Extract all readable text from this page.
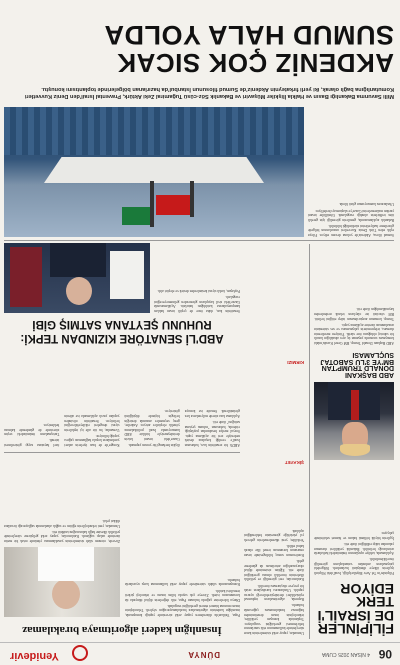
06
4 NİSAN 2025 CUMA
DÜNYA
Yenidevir
FİLİPİNLER DE İSRAİL'İ TERK EDİYOR

Filipinler'in Tel Aviv Büyükelçiliği, İsrail'deki Filipinli işçilerin ülkeye dönüşünü hızlandırdı. Bölgedeki çatışmaların ardından vatandaşların güvenliği önceliklendirildi.

Açıklamada, tahliye uçuşlarının önümüzdeki haftalarda artırılacağı belirtildi. Bakanlık yetkilileri durumun yakından takip edildiğini ifade etti.

İşçilerin büyük bölümü bakım ve hizmet sektöründe çalışıyor.

ABD BAŞKANI DONALD TRUMP'TAN BM'YE 3'LÜ SABOTAJ SUÇLAMASI

ABD Başkanı Donald Trump, BM Genel Kurulu'ndaki konuşması sırasında yaşanan üç ayrı aksaklığın kasıtlı bir sabotaj olduğunu öne sürdü. Yürüyen merdivenin durması, telepromterin çalışmaması ve ses sisteminin arızalanması üzerine açıklama yaptı.

Trump, konunun araştırılmasını talep ettiğini belirtti. BM sözcüsü ise olayların teknik nedenlerden kaynaklandığını ifade etti.

Uzmanlar, yapay zekâ sistemlerinin karar süreçlerinde kullanımının etik sınırlarının belirlenmesi gerektiğini vurguluyor. Toplantıda konuşan yetkililer, teknolojinin insan denetiminden bağımsız bırakılmaması çağrısında bulundu.

Raporda, algoritmaların toplumsal eşitsizlikleri derinleştirebileceği uyarısı yapıldı. Uluslararası kuruluşların ortak bir çerçeve oluşturması önerildi.

Katılımcılar, veri güvenliği ve şeffaflık ilkelerinin öncelikli olması gerektiğini ifade etti. Eğitim sisteminde dijital okuryazarlığın artırılması da gündeme geldi.

Konferansın sonuç bildirgesinde insan onurunun korunması temel ilke olarak kabul edildi.

Yetkililer, yeni düzenlemelerin gelecek yıl yürürlüğe girmesinin beklendiğini açıkladı.

ŞİKAYET
KIRMIZI
İnsanlığın kaderi algoritmaya bırakılamaz

Papa, Vatikan'da düzenlenen yapay zekâ zirvesinde yaptığı konuşmada, insanlığın kaderinin algoritmalara bırakılamayacağını söyledi. Teknolojinin insan onuruna hizmet etmesi gerektiğini vurguladı.

Dünya liderlerine çağrıda bulunan Papa, etik değerlerin dijital dünyada da korunmasını istedi. Zirveye çok sayıda bilim insanı ve teknoloji şirketi temsilcisi katıldı.

Konuşmasında silahlı sistemlerde yapay zekâ kullanımına karşı uyarılarda bulundu.

Zirvede, otonom silah sistemlerinin yasaklanması yönünde ortak bir metin üzerinde uzlaşı sağlandı. Katılımcılar, yapay zekâ geliştirme süreçlerinde şeffaflık ilkesine bağlı kalınacağını taahhüt etti.

Uzmanlar, yeni teknolojilerin eğitim ve sağlık alanlarında sağlayacağı fırsatlara dikkat çekti.

ABD'li bir senatörün kızı, babasının İsrail'e verdiği koşulsuz destek nedeniyle sert bir açıklama yaptı. Sosyal medya hesabından paylaştığı videoda, babasının "ruhunu şeytana sattığını" ifade etti.

Açıklama kısa sürede milyonlarca kez görüntülendi. Senatör ise konuya ilişkin herhangi bir yorum yapmadı.

Gazze'deki insani krizin derinleşmesiyle birlikte ABD kamuoyunda İsrail politikalarına yönelik eleştiriler artıyor. Anketler, genç seçmenler arasında desteğin belirgin biçimde düştüğünü gösteriyor.

Kongre'de de bazı üyelerin askeri yardımların koşula bağlanması çağrısı yaptığı biliniyor.

Uzmanlar, bu tür aile içi tepkilerin siyasi dengeleri etkileyebileceğini belirtiyor. Senatörün ofisinden yapılan yazılı açıklamada ise ailenin özel hayatına saygı gösterilmesi istendi.

Tartışmaların önümüzdeki seçim sürecinde de gündemde kalması bekleniyor.

ABD'Lİ SENATÖRE KIZINDAN TEPKİ:
RUHUNU ŞEYTANA SATMIŞ GİBİ

Senatörün kızı, daha önce de çeşitli insan hakları kampanyalarına katıldığını hatırlattı. Açıklamasında Gazze'deki sivil kayıpların görmezden gelinemeyeceğini vurguladı.

Paylaşım, farklı siyasi kesimlerden destek ve eleştiri aldı.

Sumud filosu, Akdeniz'de yoluna devam ediyor. Filoya eşlik eden Türk Deniz Kuvvetleri unsurlarının bölgede gözetleme faaliyetlerini sürdürdüğü bildirildi.

Bakanlık açıklamasında, gemilerin güvenliği için gerekli tüm tedbirlerin alındığı vurgulandı. Gönüllüler insani yardım malzemelerini Gazze'ye ulaştırmayı hedefliyor.

Uluslararası kamuoyunun gözü filoda.

Milli Savunma Bakanlığı Basın ve Halkla İlişkiler Müşaviri ve Bakanlık Söz-cüsü Tuğamiral Zeki Aktürk, Pravental İsrail'den Deniz Kuvvetleri Komutanlığına bağlı olarak, iki yerli fırkateynin Akdeniz'de Sumud filosunun İstanbul'da hazırlanan bölgelerinde toplantısını konuştu.
AKDENİZ ÇOK SICAK
SUMUD HALA YOLDA
